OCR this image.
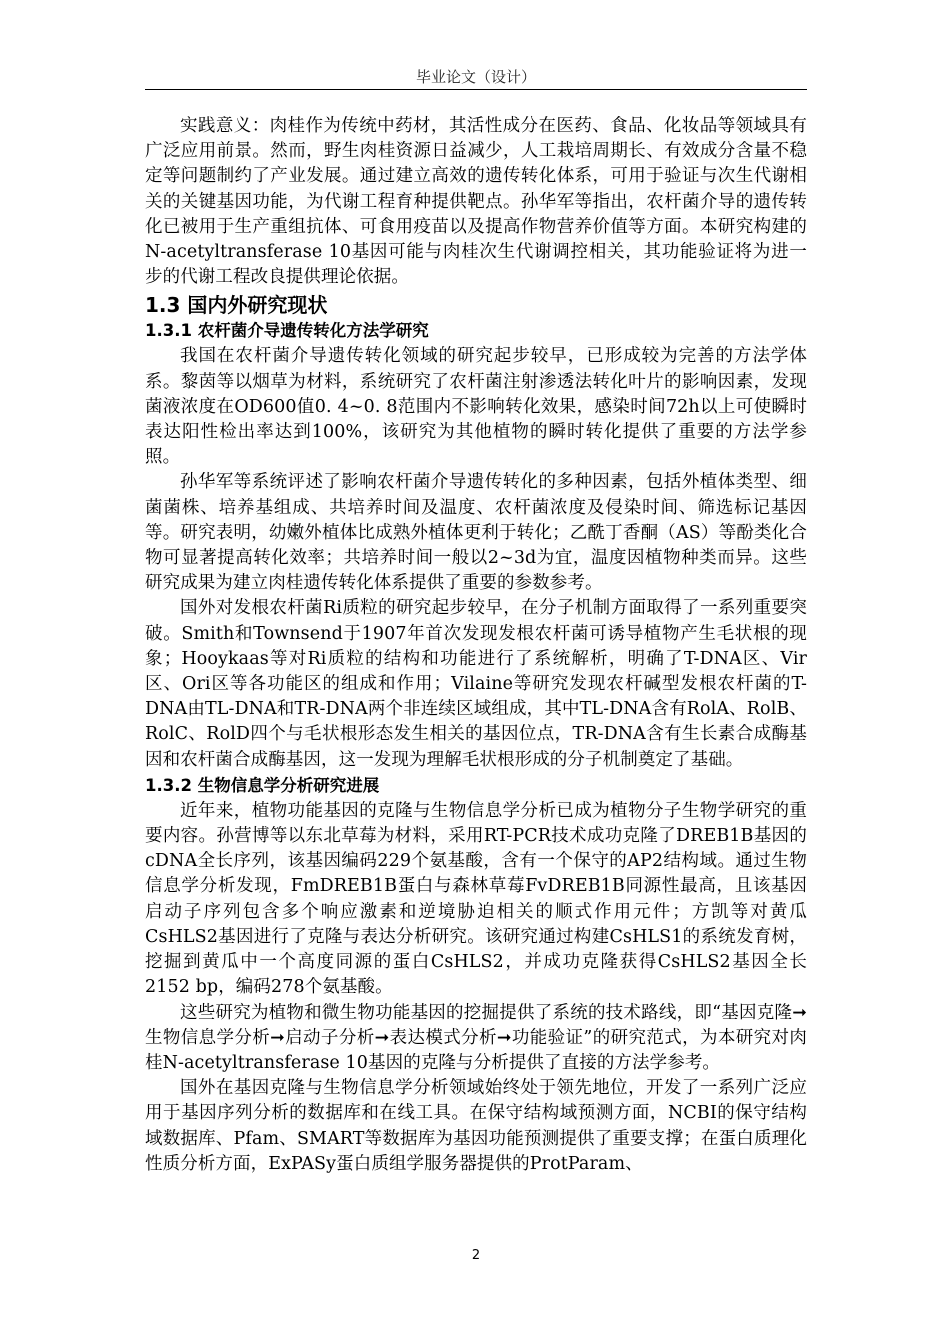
毕业论文（设计）

实践意义：肉桂作为传统中药材，其活性成分在医药、食品、化妆品等领域具有广泛应用前景。然而，野生肉桂资源日益减少，人工栽培周期长、有效成分含量不稳定等问题制约了产业发展。通过建立高效的遗传转化体系，可用于验证与次生代谢相关的关键基因功能，为代谢工程育种提供靶点。孙华军等指出，农杆菌介导的遗传转化已被用于生产重组抗体、可食用疫苗以及提高作物营养价值等方面。本研究构建的N-acetyltransferase 10基因可能与肉桂次生代谢调控相关，其功能验证将为进一步的代谢工程改良提供理论依据。

1.3 国内外研究现状
1.3.1 农杆菌介导遗传转化方法学研究

我国在农杆菌介导遗传转化领域的研究起步较早，已形成较为完善的方法学体系。黎茵等以烟草为材料，系统研究了农杆菌注射渗透法转化叶片的影响因素，发现菌液浓度在OD600值0. 4~0. 8范围内不影响转化效果，感染时间72h以上可使瞬时表达阳性检出率达到100%，该研究为其他植物的瞬时转化提供了重要的方法学参照。

孙华军等系统评述了影响农杆菌介导遗传转化的多种因素，包括外植体类型、细菌菌株、培养基组成、共培养时间及温度、农杆菌浓度及侵染时间、筛选标记基因等。研究表明，幼嫩外植体比成熟外植体更利于转化；乙酰丁香酮（AS）等酚类化合物可显著提高转化效率；共培养时间一般以2~3d为宜，温度因植物种类而异。这些研究成果为建立肉桂遗传转化体系提供了重要的参数参考。

国外对发根农杆菌Ri质粒的研究起步较早，在分子机制方面取得了一系列重要突破。Smith和Townsend于1907年首次发现发根农杆菌可诱导植物产生毛状根的现象；Hooykaas等对Ri质粒的结构和功能进行了系统解析，明确了T-DNA区、Vir区、Ori区等各功能区的组成和作用；Vilaine等研究发现农杆碱型发根农杆菌的T-DNA由TL-DNA和TR-DNA两个非连续区域组成，其中TL-DNA含有RolA、RolB、RolC、RolD四个与毛状根形态发生相关的基因位点，TR-DNA含有生长素合成酶基因和农杆菌合成酶基因，这一发现为理解毛状根形成的分子机制奠定了基础。

1.3.2 生物信息学分析研究进展

近年来，植物功能基因的克隆与生物信息学分析已成为植物分子生物学研究的重要内容。孙营博等以东北草莓为材料，采用RT-PCR技术成功克隆了DREB1B基因的cDNA全长序列，该基因编码229个氨基酸，含有一个保守的AP2结构域。通过生物信息学分析发现，FmDREB1B蛋白与森林草莓FvDREB1B同源性最高，且该基因启动子序列包含多个响应激素和逆境胁迫相关的顺式作用元件；方凯等对黄瓜CsHLS2基因进行了克隆与表达分析研究。该研究通过构建CsHLS1的系统发育树，挖掘到黄瓜中一个高度同源的蛋白CsHLS2，并成功克隆获得CsHLS2基因全长2152 bp，编码278个氨基酸。

这些研究为植物和微生物功能基因的挖掘提供了系统的技术路线，即“基因克隆➞生物信息学分析➞启动子分析➞表达模式分析➞功能验证”的研究范式，为本研究对肉桂N-acetyltransferase 10基因的克隆与分析提供了直接的方法学参考。

国外在基因克隆与生物信息学分析领域始终处于领先地位，开发了一系列广泛应用于基因序列分析的数据库和在线工具。在保守结构域预测方面，NCBI的保守结构域数据库、Pfam、SMART等数据库为基因功能预测提供了重要支撑；在蛋白质理化性质分析方面，ExPASy蛋白质组学服务器提供的ProtParam、

2
